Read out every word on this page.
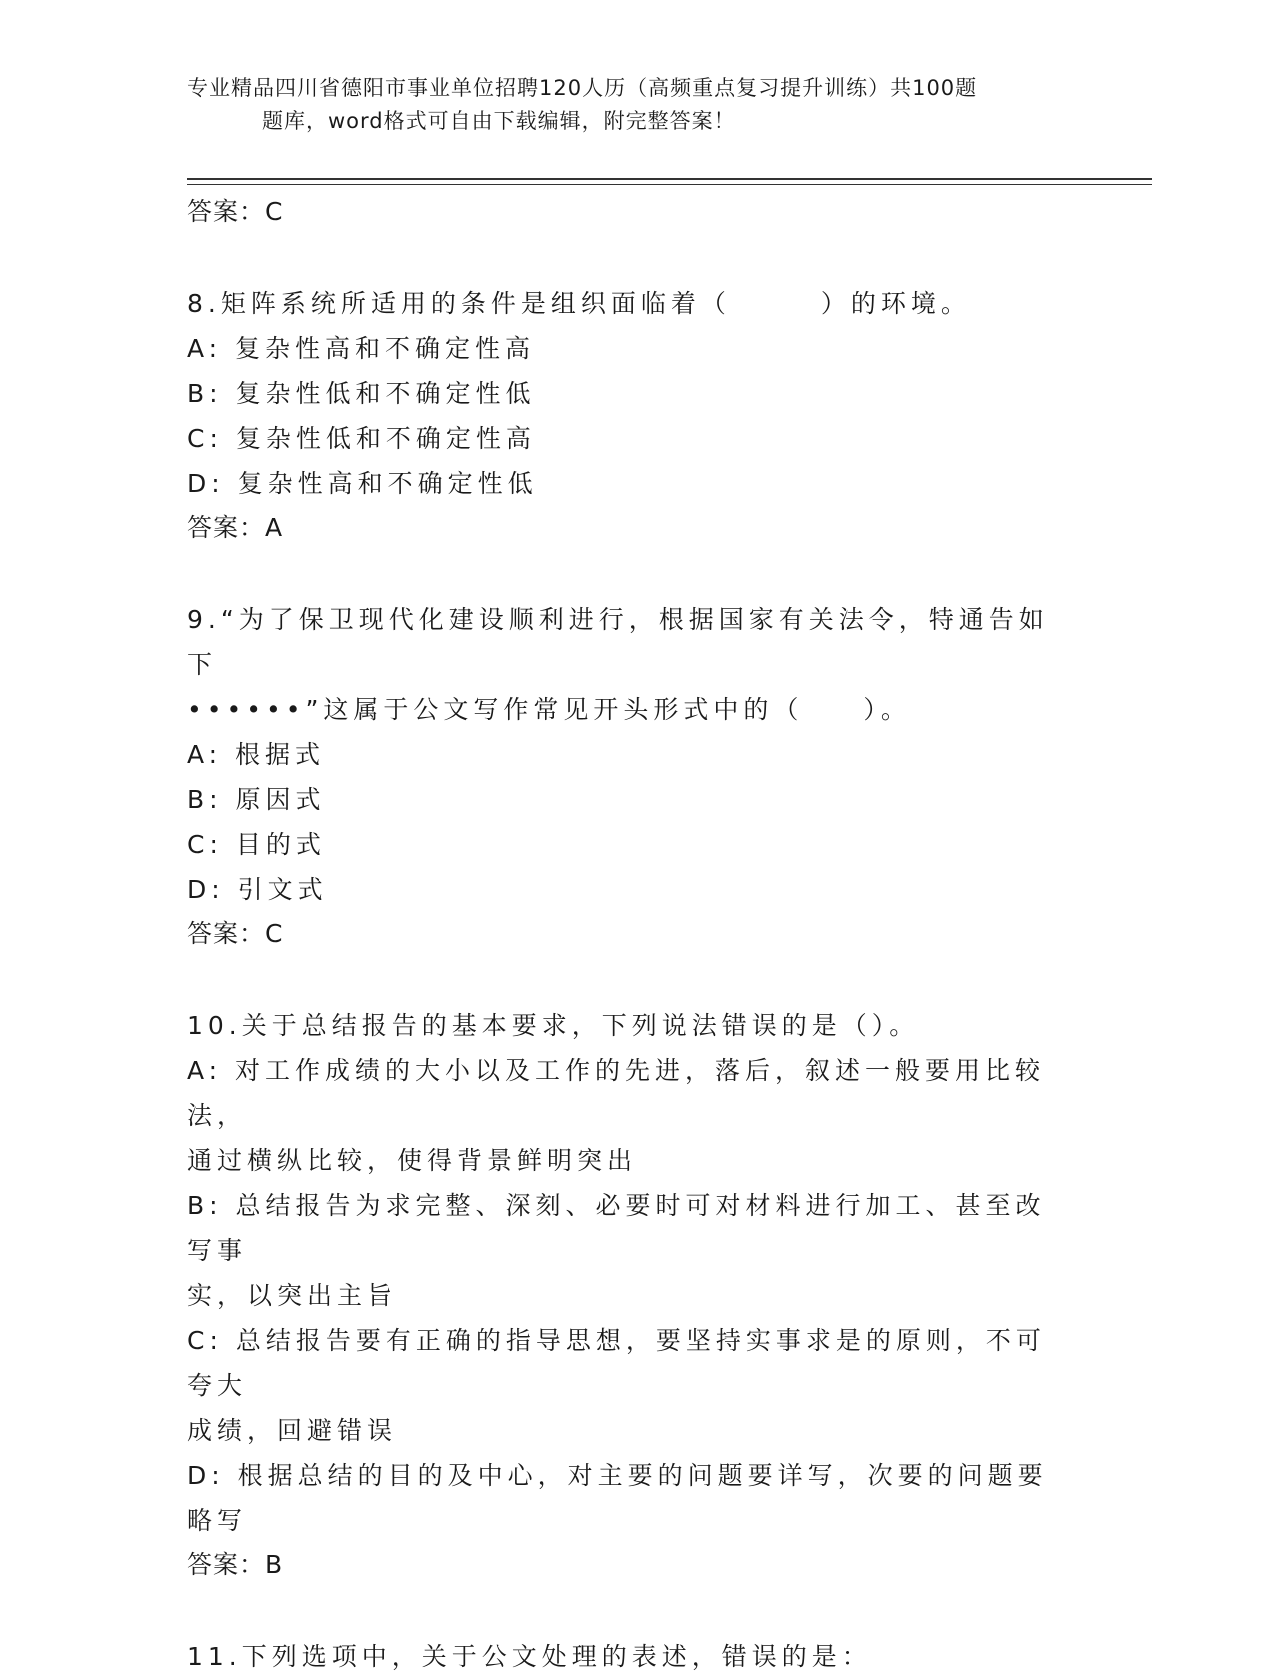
专业精品四川省德阳市事业单位招聘120人历（高频重点复习提升训练）共100题
题库，word格式可自由下载编辑，附完整答案！
答案：C

8.矩阵系统所适用的条件是组织面临着（　　　）的环境。

A: 复杂性高和不确定性高

B: 复杂性低和不确定性低

C: 复杂性低和不确定性高

D: 复杂性高和不确定性低

答案：A

9.“为了保卫现代化建设顺利进行，根据国家有关法令，特通告如下

••••••”这属于公文写作常见开头形式中的（　　）。

A: 根据式

B: 原因式

C: 目的式

D: 引文式

答案：C

10.关于总结报告的基本要求，下列说法错误的是（）。

A: 对工作成绩的大小以及工作的先进，落后，叙述一般要用比较法，

通过横纵比较，使得背景鲜明突出

B: 总结报告为求完整、深刻、必要时可对材料进行加工、甚至改写事

实，以突出主旨

C: 总结报告要有正确的指导思想，要坚持实事求是的原则，不可夸大

成绩，回避错误

D: 根据总结的目的及中心，对主要的问题要详写，次要的问题要略写

答案：B

11.下列选项中，关于公文处理的表述，错误的是：
